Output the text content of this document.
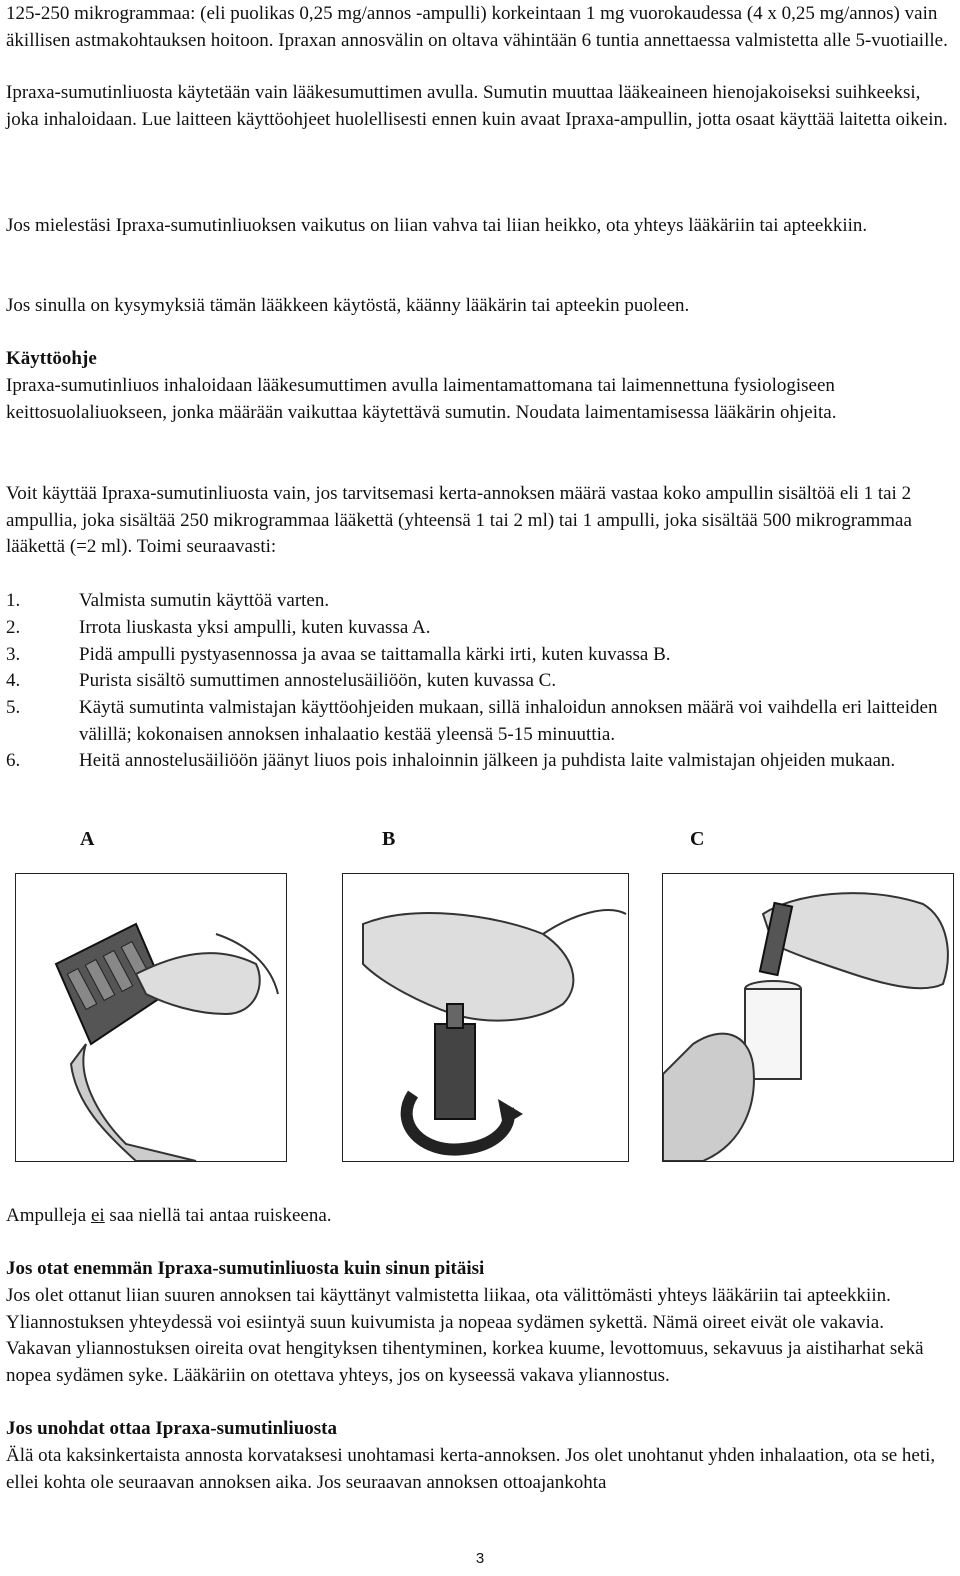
125-250 mikrogrammaa: (eli puolikas 0,25 mg/annos -ampulli) korkeintaan 1 mg vuorokaudessa (4 x 0,25 mg/annos) vain äkillisen astmakohtauksen hoitoon. Ipraxan annosvälin on oltava vähintään 6 tuntia annettaessa valmistetta alle 5-vuotiaille.

Ipraxa-sumutinliuosta käytetään vain lääkesumuttimen avulla. Sumutin muuttaa lääkeaineen hienojakoiseksi suihkeeksi, joka inhaloidaan. Lue laitteen käyttöohjeet huolellisesti ennen kuin avaat Ipraxa-ampullin, jotta osaat käyttää laitetta oikein.

Jos mielestäsi Ipraxa-sumutinliuoksen vaikutus on liian vahva tai liian heikko, ota yhteys lääkäriin tai apteekkiin.

Jos sinulla on kysymyksiä tämän lääkkeen käytöstä, käänny lääkärin tai apteekin puoleen.

Käyttöohje

Ipraxa-sumutinliuos inhaloidaan lääkesumuttimen avulla laimentamattomana tai laimennettuna fysiologiseen keittosuolaliuokseen, jonka määrään vaikuttaa käytettävä sumutin. Noudata laimentamisessa lääkärin ohjeita.

Voit käyttää Ipraxa-sumutinliuosta vain, jos tarvitsemasi kerta-annoksen määrä vastaa koko ampullin sisältöä eli 1 tai 2 ampullia, joka sisältää 250 mikrogrammaa lääkettä (yhteensä 1 tai 2 ml) tai 1 ampulli, joka sisältää 500 mikrogrammaa lääkettä (=2 ml). Toimi seuraavasti:

1.	Valmista sumutin käyttöä varten.
2.	Irrota liuskasta yksi ampulli, kuten kuvassa A.
3.	Pidä ampulli pystyasennossa ja avaa se taittamalla kärki irti, kuten kuvassa B.
4.	Purista sisältö sumuttimen annostelusäiliöön, kuten kuvassa C.
5.	Käytä sumutinta valmistajan käyttöohjeiden mukaan, sillä inhaloidun annoksen määrä voi vaihdella eri laitteiden välillä; kokonaisen annoksen inhalaatio kestää yleensä 5-15 minuuttia.
6.	Heitä annostelusäiliöön jäänyt liuos pois inhaloinnin jälkeen ja puhdista laite valmistajan ohjeiden mukaan.
A	B	C

Ampulleja ei saa niellä tai antaa ruiskeena.

Jos otat enemmän Ipraxa-sumutinliuosta kuin sinun pitäisi

Jos olet ottanut liian suuren annoksen tai käyttänyt valmistetta liikaa, ota välittömästi yhteys lääkäriin tai apteekkiin. Yliannostuksen yhteydessä voi esiintyä suun kuivumista ja nopeaa sydämen sykettä. Nämä oireet eivät ole vakavia. Vakavan yliannostuksen oireita ovat hengityksen tihentyminen, korkea kuume, levottomuus, sekavuus ja aistiharhat sekä nopea sydämen syke. Lääkäriin on otettava yhteys, jos on kyseessä vakava yliannostus.

Jos unohdat ottaa Ipraxa-sumutinliuosta

Älä ota kaksinkertaista annosta korvataksesi unohtamasi kerta-annoksen. Jos olet unohtanut yhden inhalaation, ota se heti, ellei kohta ole seuraavan annoksen aika. Jos seuraavan annoksen ottoajankohta

3
